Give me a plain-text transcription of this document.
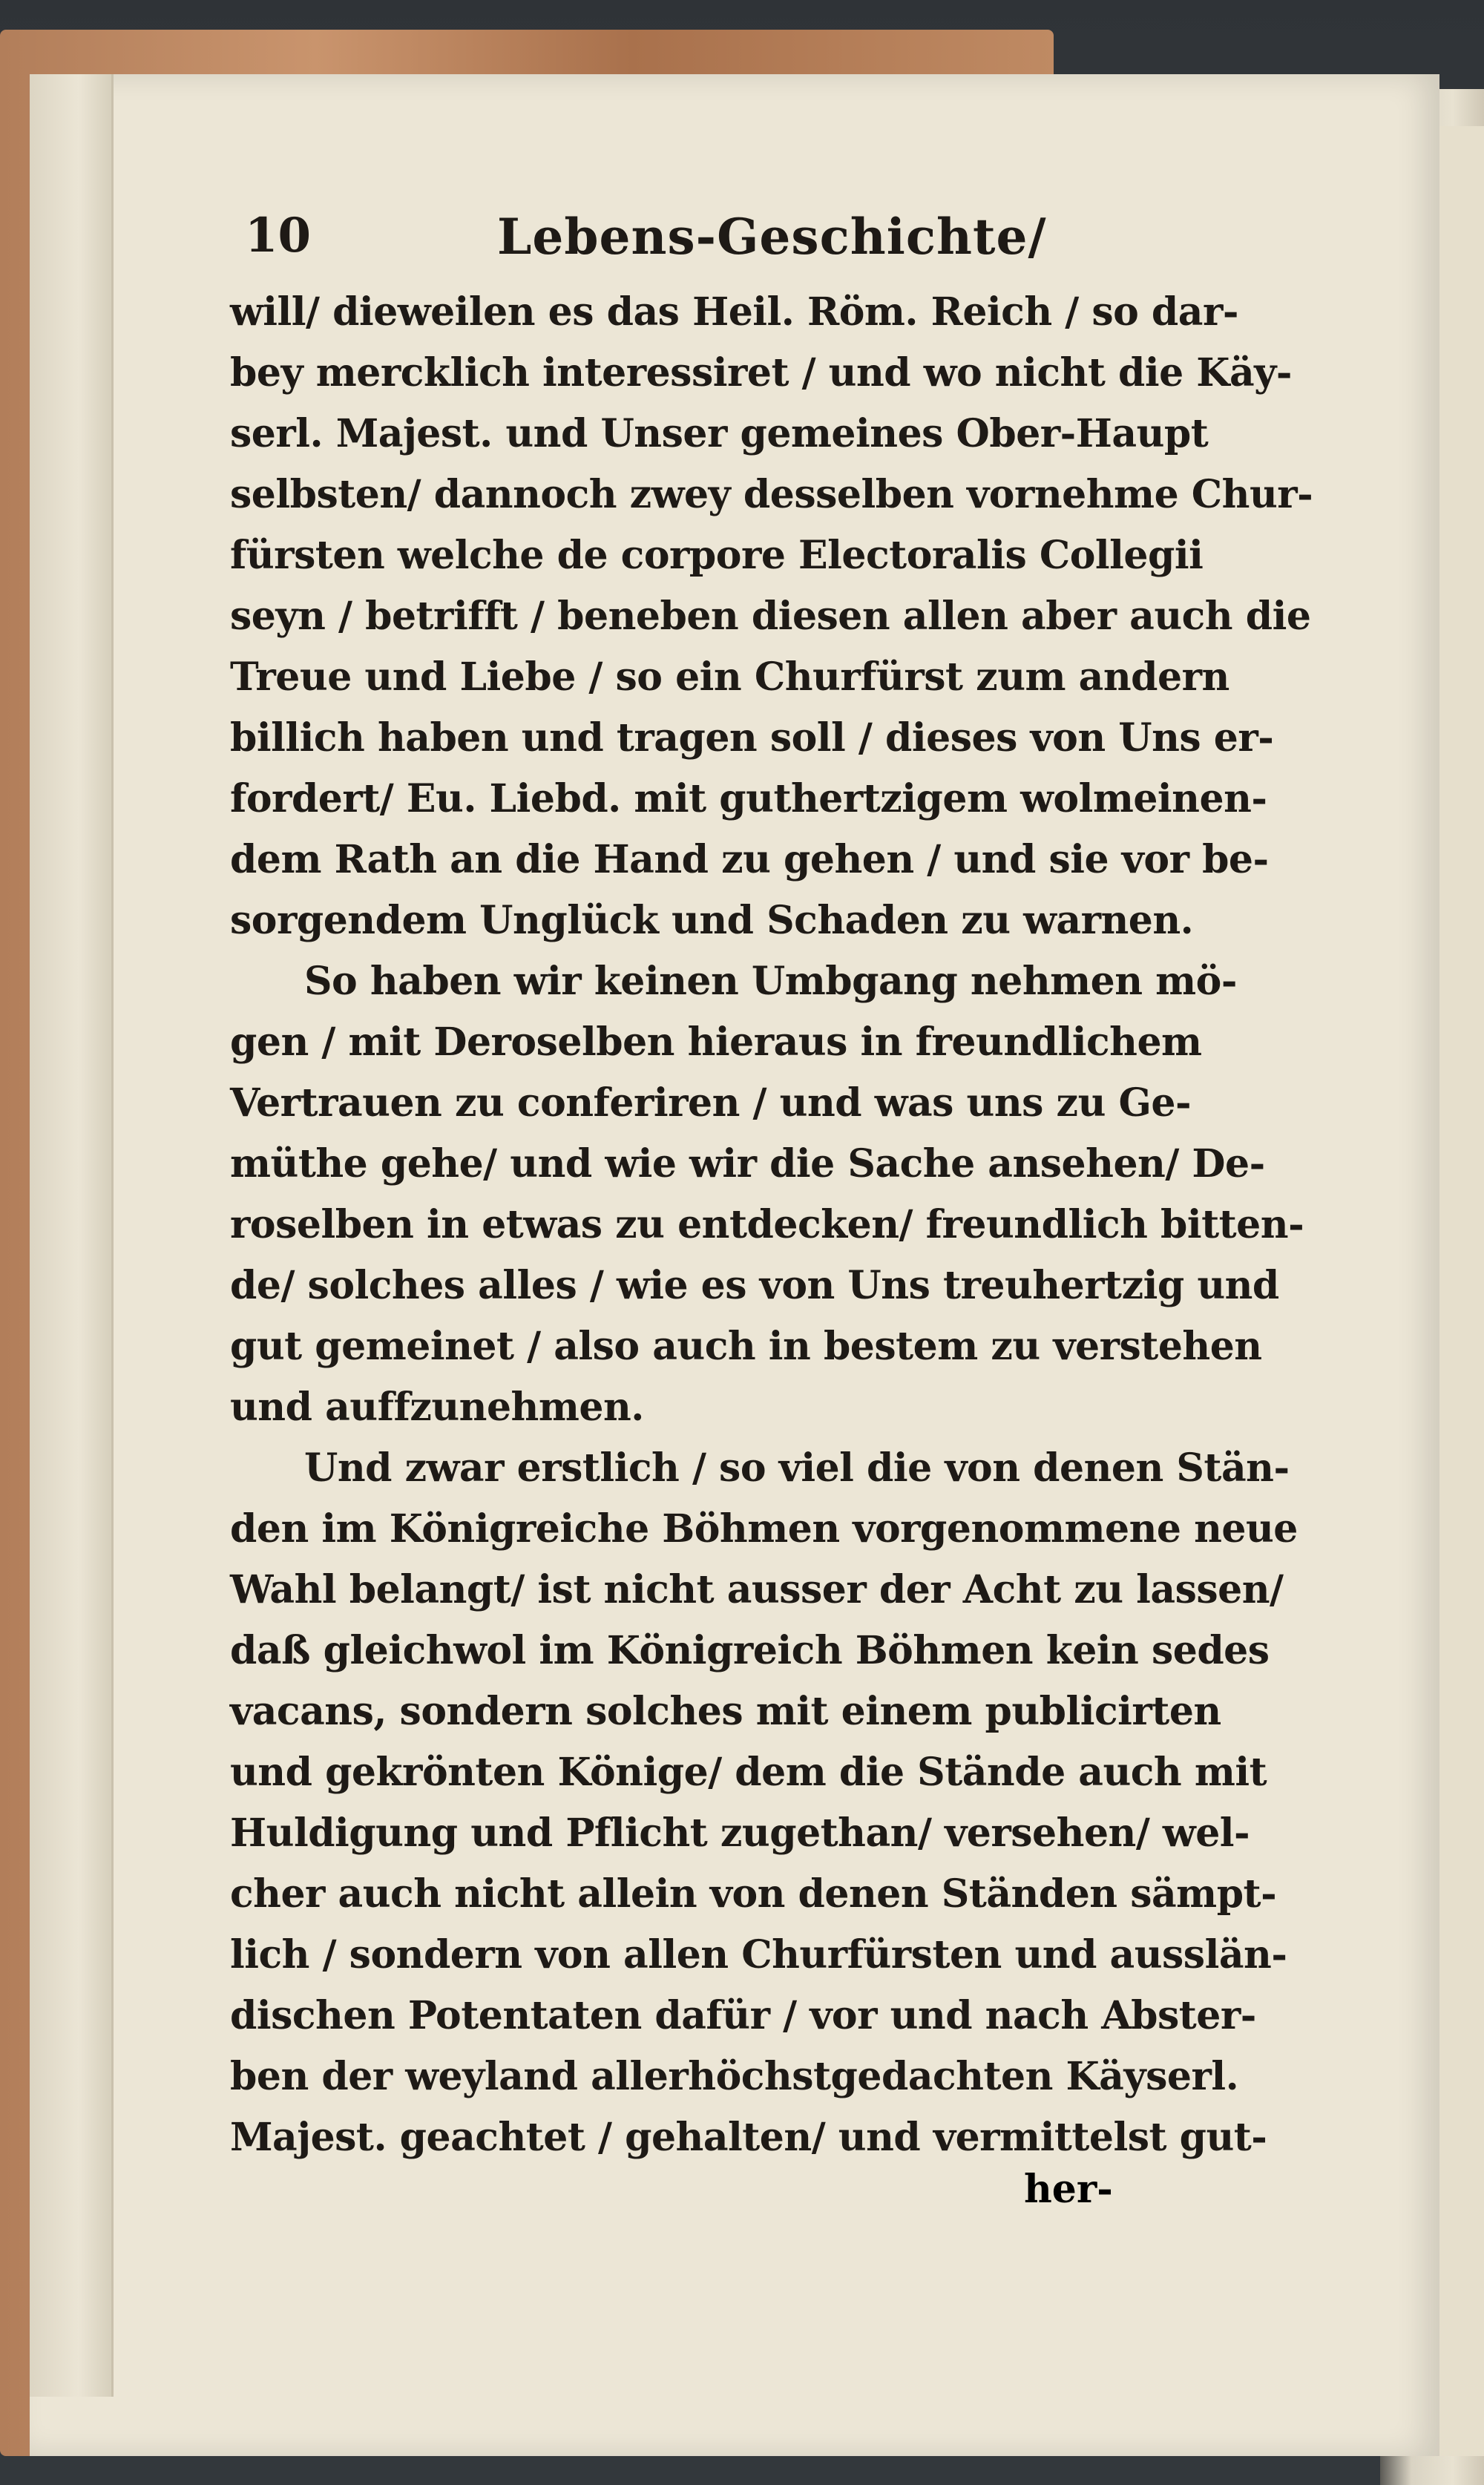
10	Lebens-Geschichte/
will/ dieweilen es das Heil. Röm. Reich / so dar-
bey mercklich interessiret / und wo nicht die Käy-
serl. Majest. und Unser gemeines Ober-Haupt
selbsten/ dannoch zwey desselben vornehme Chur-
fürsten welche de corpore Electoralis Collegii
seyn / betrifft / beneben diesen allen aber auch die
Treue und Liebe / so ein Churfürst zum andern
billich haben und tragen soll / dieses von Uns er-
fordert/ Eu. Liebd. mit guthertzigem wolmeinen-
dem Rath an die Hand zu gehen / und sie vor be-
sorgendem Unglück und Schaden zu warnen.
So haben wir keinen Umbgang nehmen mö-
gen / mit Deroselben hieraus in freundlichem
Vertrauen zu conferiren / und was uns zu Ge-
müthe gehe/ und wie wir die Sache ansehen/ De-
roselben in etwas zu entdecken/ freundlich bitten-
de/ solches alles / wie es von Uns treuhertzig und
gut gemeinet / also auch in bestem zu verstehen
und auffzunehmen.
Und zwar erstlich / so viel die von denen Stän-
den im Königreiche Böhmen vorgenommene neue
Wahl belangt/ ist nicht ausser der Acht zu lassen/
daß gleichwol im Königreich Böhmen kein sedes
vacans, sondern solches mit einem publicirten
und gekrönten Könige/ dem die Stände auch mit
Huldigung und Pflicht zugethan/ versehen/ wel-
cher auch nicht allein von denen Ständen sämpt-
lich / sondern von allen Churfürsten und ausslän-
dischen Potentaten dafür / vor und nach Abster-
ben der weyland allerhöchstgedachten Käyserl.
Majest. geachtet / gehalten/ und vermittelst gut-
her-
